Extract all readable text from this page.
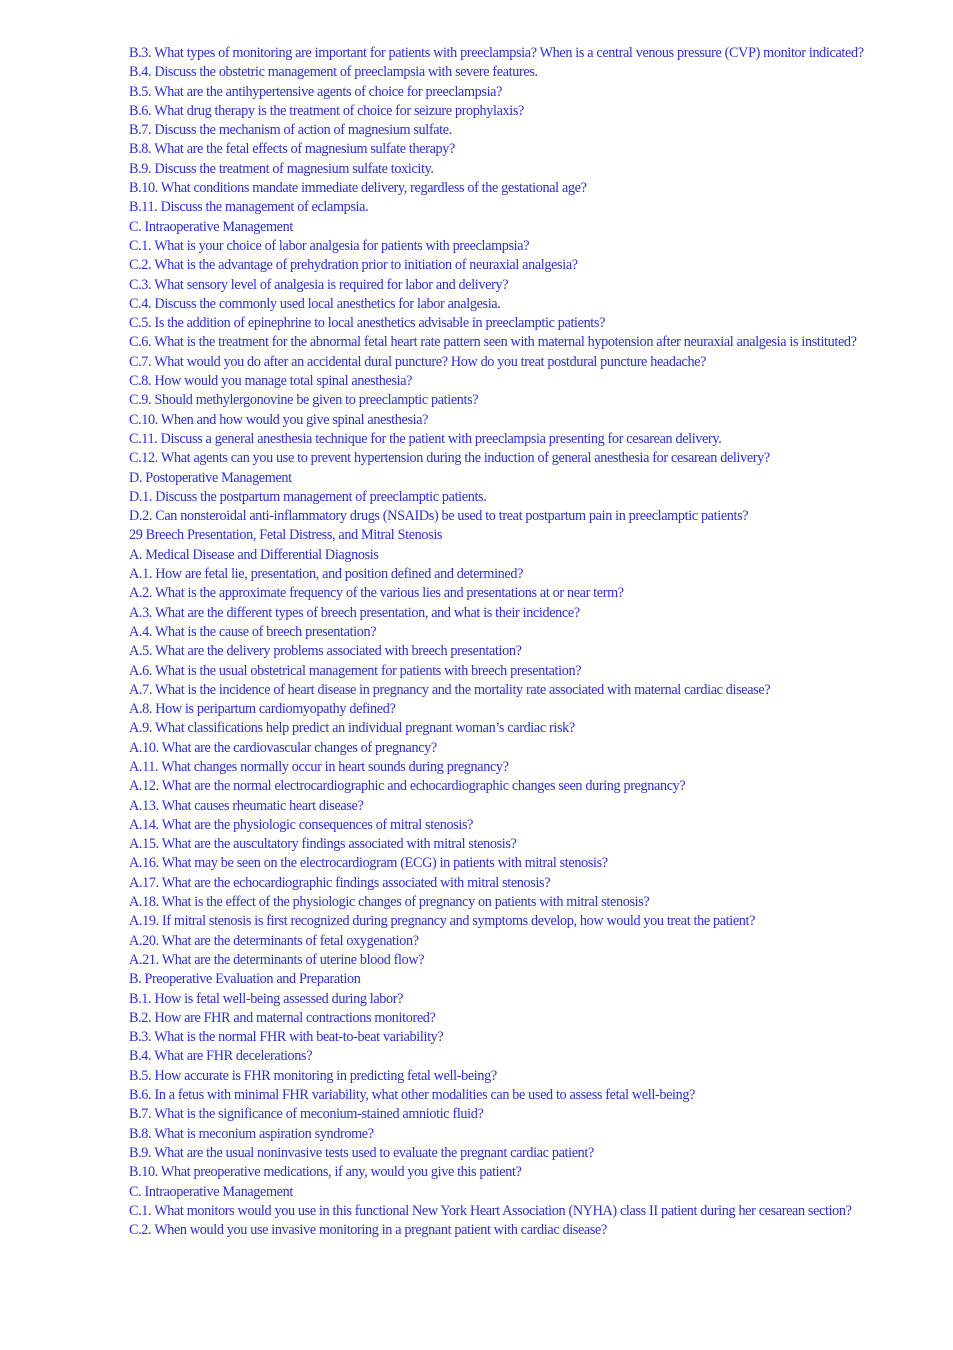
B.3. What types of monitoring are important for patients with preeclampsia? When is a central venous pressure (CVP) monitor indicated?

B.4. Discuss the obstetric management of preeclampsia with severe features.

B.5. What are the antihypertensive agents of choice for preeclampsia?

B.6. What drug therapy is the treatment of choice for seizure prophylaxis?

B.7. Discuss the mechanism of action of magnesium sulfate.

B.8. What are the fetal effects of magnesium sulfate therapy?

B.9. Discuss the treatment of magnesium sulfate toxicity.

B.10. What conditions mandate immediate delivery, regardless of the gestational age?

B.11. Discuss the management of eclampsia.

C. Intraoperative Management

C.1. What is your choice of labor analgesia for patients with preeclampsia?

C.2. What is the advantage of prehydration prior to initiation of neuraxial analgesia?

C.3. What sensory level of analgesia is required for labor and delivery?

C.4. Discuss the commonly used local anesthetics for labor analgesia.

C.5. Is the addition of epinephrine to local anesthetics advisable in preeclamptic patients?

C.6. What is the treatment for the abnormal fetal heart rate pattern seen with maternal hypotension after neuraxial analgesia is instituted?

C.7. What would you do after an accidental dural puncture? How do you treat postdural puncture headache?

C.8. How would you manage total spinal anesthesia?

C.9. Should methylergonovine be given to preeclamptic patients?

C.10. When and how would you give spinal anesthesia?

C.11. Discuss a general anesthesia technique for the patient with preeclampsia presenting for cesarean delivery.

C.12. What agents can you use to prevent hypertension during the induction of general anesthesia for cesarean delivery?

D. Postoperative Management

D.1. Discuss the postpartum management of preeclamptic patients.

D.2. Can nonsteroidal anti-inflammatory drugs (NSAIDs) be used to treat postpartum pain in preeclamptic patients?

29 Breech Presentation, Fetal Distress, and Mitral Stenosis

A. Medical Disease and Differential Diagnosis

A.1. How are fetal lie, presentation, and position defined and determined?

A.2. What is the approximate frequency of the various lies and presentations at or near term?

A.3. What are the different types of breech presentation, and what is their incidence?

A.4. What is the cause of breech presentation?

A.5. What are the delivery problems associated with breech presentation?

A.6. What is the usual obstetrical management for patients with breech presentation?

A.7. What is the incidence of heart disease in pregnancy and the mortality rate associated with maternal cardiac disease?

A.8. How is peripartum cardiomyopathy defined?

A.9. What classifications help predict an individual pregnant woman’s cardiac risk?

A.10. What are the cardiovascular changes of pregnancy?

A.11. What changes normally occur in heart sounds during pregnancy?

A.12. What are the normal electrocardiographic and echocardiographic changes seen during pregnancy?

A.13. What causes rheumatic heart disease?

A.14. What are the physiologic consequences of mitral stenosis?

A.15. What are the auscultatory findings associated with mitral stenosis?

A.16. What may be seen on the electrocardiogram (ECG) in patients with mitral stenosis?

A.17. What are the echocardiographic findings associated with mitral stenosis?

A.18. What is the effect of the physiologic changes of pregnancy on patients with mitral stenosis?

A.19. If mitral stenosis is first recognized during pregnancy and symptoms develop, how would you treat the patient?

A.20. What are the determinants of fetal oxygenation?

A.21. What are the determinants of uterine blood flow?

B. Preoperative Evaluation and Preparation

B.1. How is fetal well-being assessed during labor?

B.2. How are FHR and maternal contractions monitored?

B.3. What is the normal FHR with beat-to-beat variability?

B.4. What are FHR decelerations?

B.5. How accurate is FHR monitoring in predicting fetal well-being?

B.6. In a fetus with minimal FHR variability, what other modalities can be used to assess fetal well-being?

B.7. What is the significance of meconium-stained amniotic fluid?

B.8. What is meconium aspiration syndrome?

B.9. What are the usual noninvasive tests used to evaluate the pregnant cardiac patient?

B.10. What preoperative medications, if any, would you give this patient?

C. Intraoperative Management

C.1. What monitors would you use in this functional New York Heart Association (NYHA) class II patient during her cesarean section?

C.2. When would you use invasive monitoring in a pregnant patient with cardiac disease?
